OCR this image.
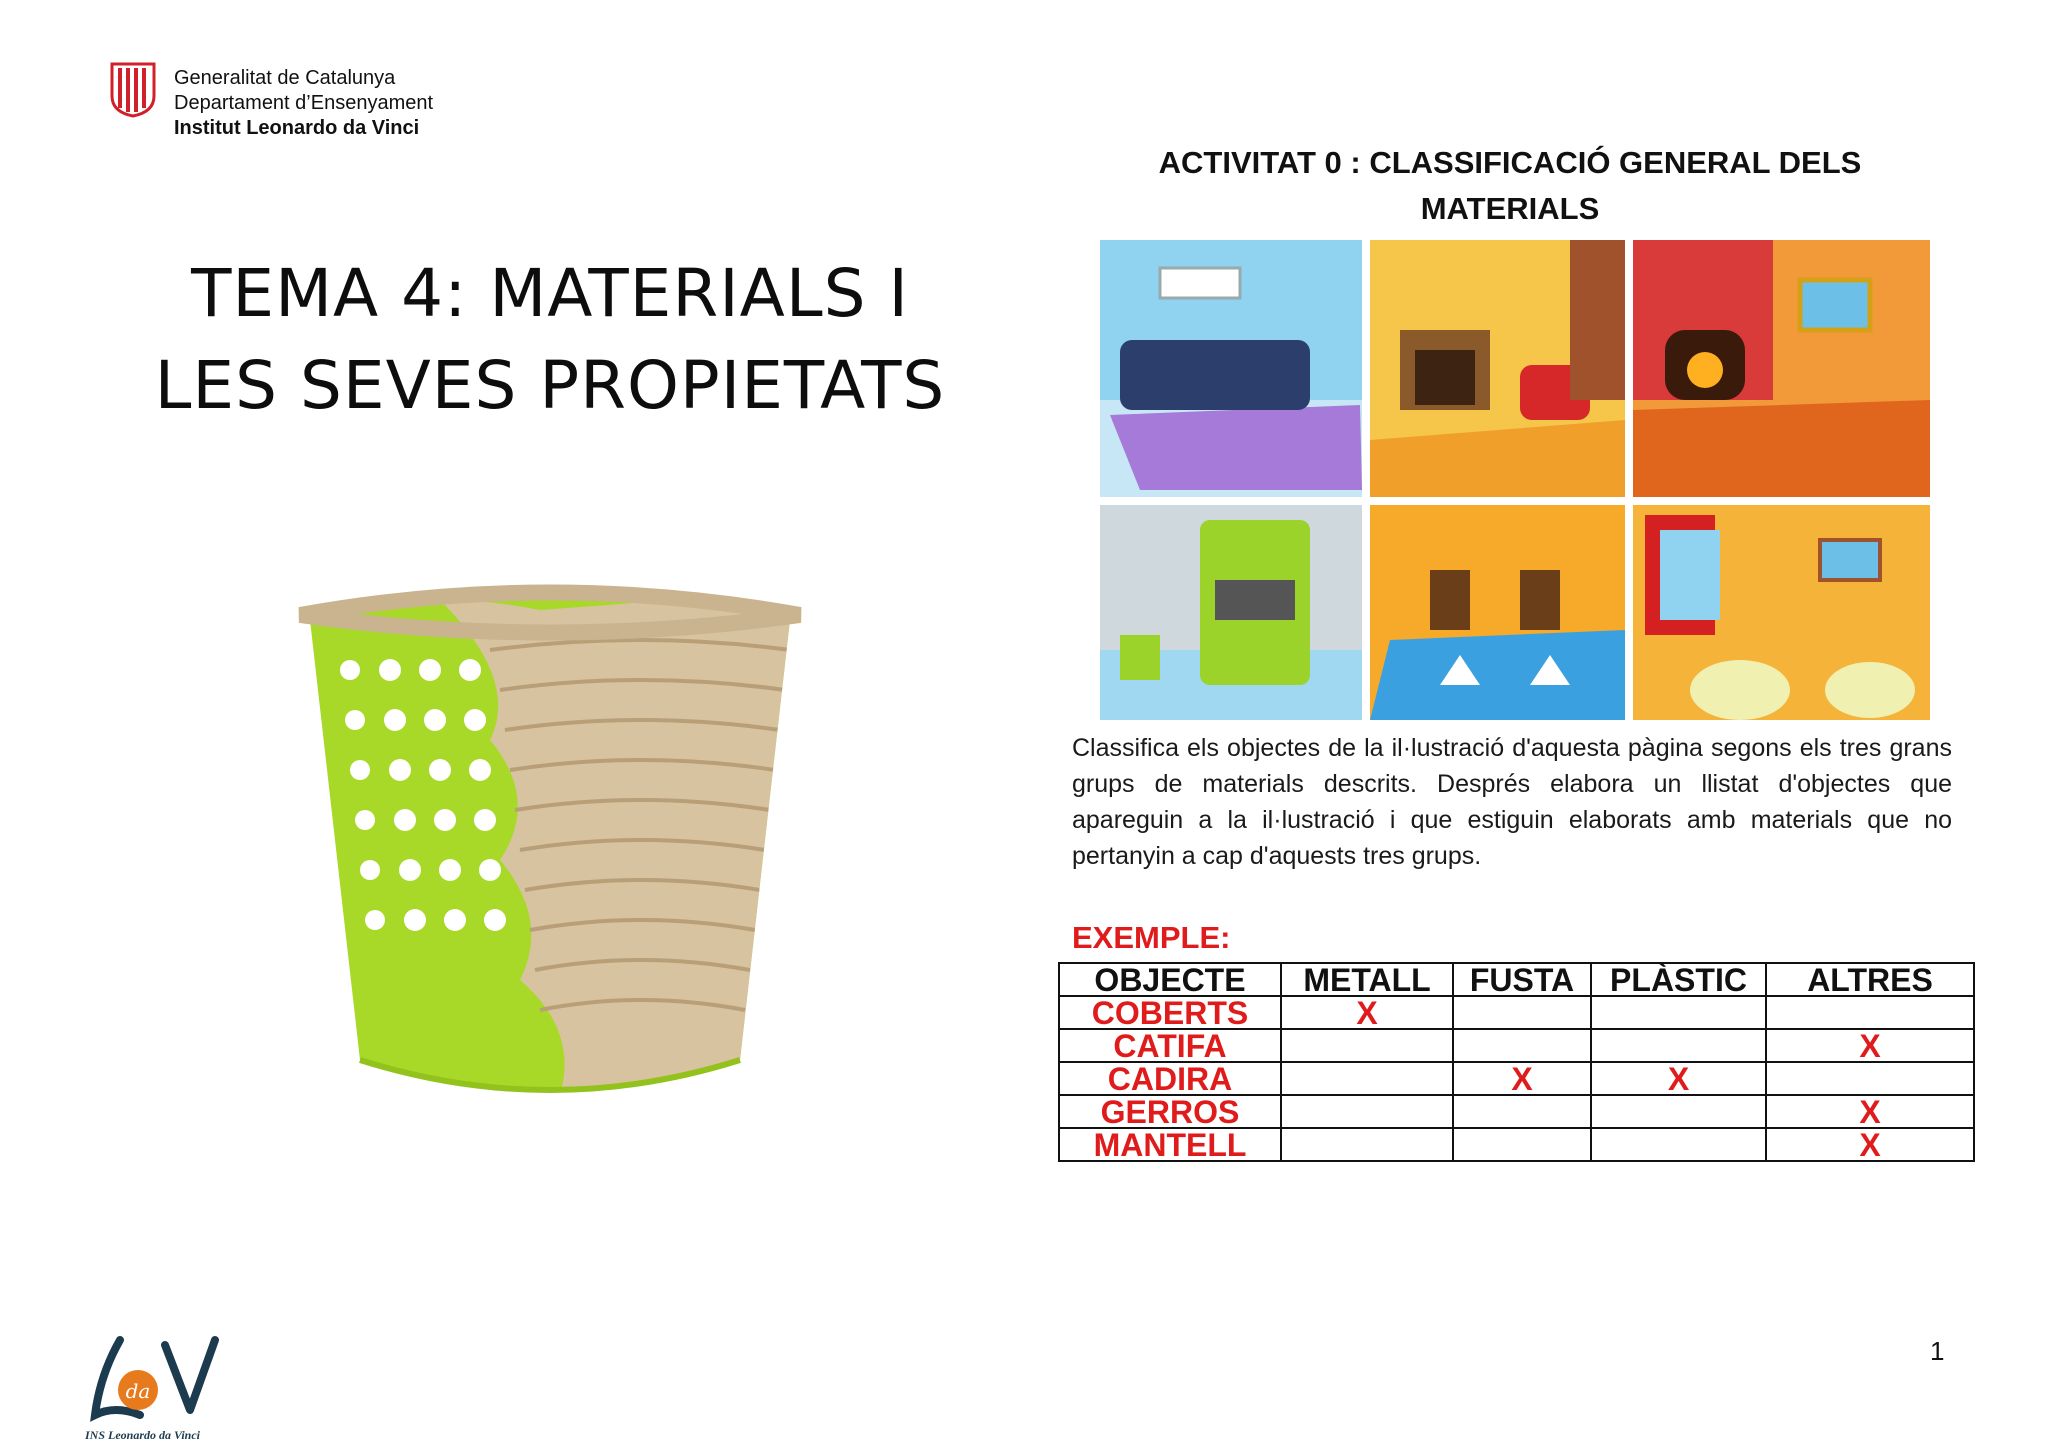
Generalitat de Catalunya
Departament d’Ensenyament
Institut Leonardo da Vinci
TEMA 4: MATERIALS I
LES SEVES PROPIETATS
ACTIVITAT 0 : CLASSIFICACIÓ GENERAL DELS
MATERIALS
Classifica els objectes de la il·lustració d'aquesta pàgina segons els tres grans grups de materials descrits. Després elabora un llistat d'objectes que apareguin a la il·lustració i que estiguin elaborats amb materials que no pertanyin a cap d'aquests tres grups.
EXEMPLE:
OBJECTE	METALL	FUSTA	PLÀSTIC	ALTRES
COBERTS	X			
CATIFA				X
CADIRA		X	X	
GERROS				X
MANTELL				X
1
da
INS Leonardo da Vinci
